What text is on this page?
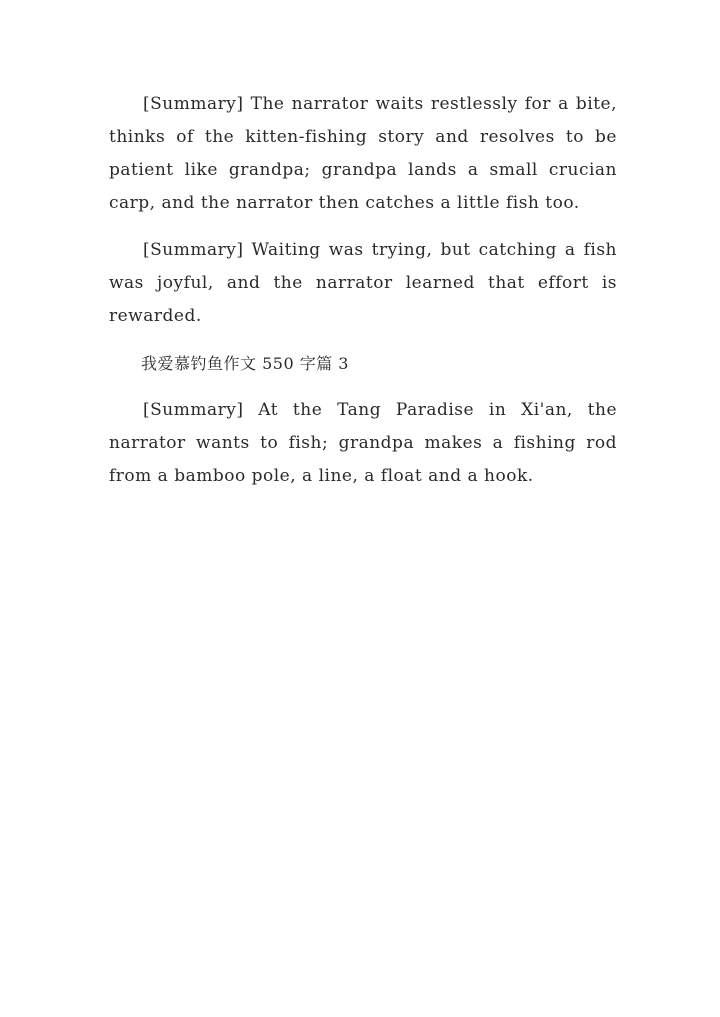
[Summary] The narrator waits restlessly for a bite, thinks of the kitten-fishing story and resolves to be patient like grandpa; grandpa lands a small crucian carp, and the narrator then catches a little fish too.

[Summary] Waiting was trying, but catching a fish was joyful, and the narrator learned that effort is rewarded.

我爱慕钓鱼作文 550 字篇 3

[Summary] At the Tang Paradise in Xi'an, the narrator wants to fish; grandpa makes a fishing rod from a bamboo pole, a line, a float and a hook.
